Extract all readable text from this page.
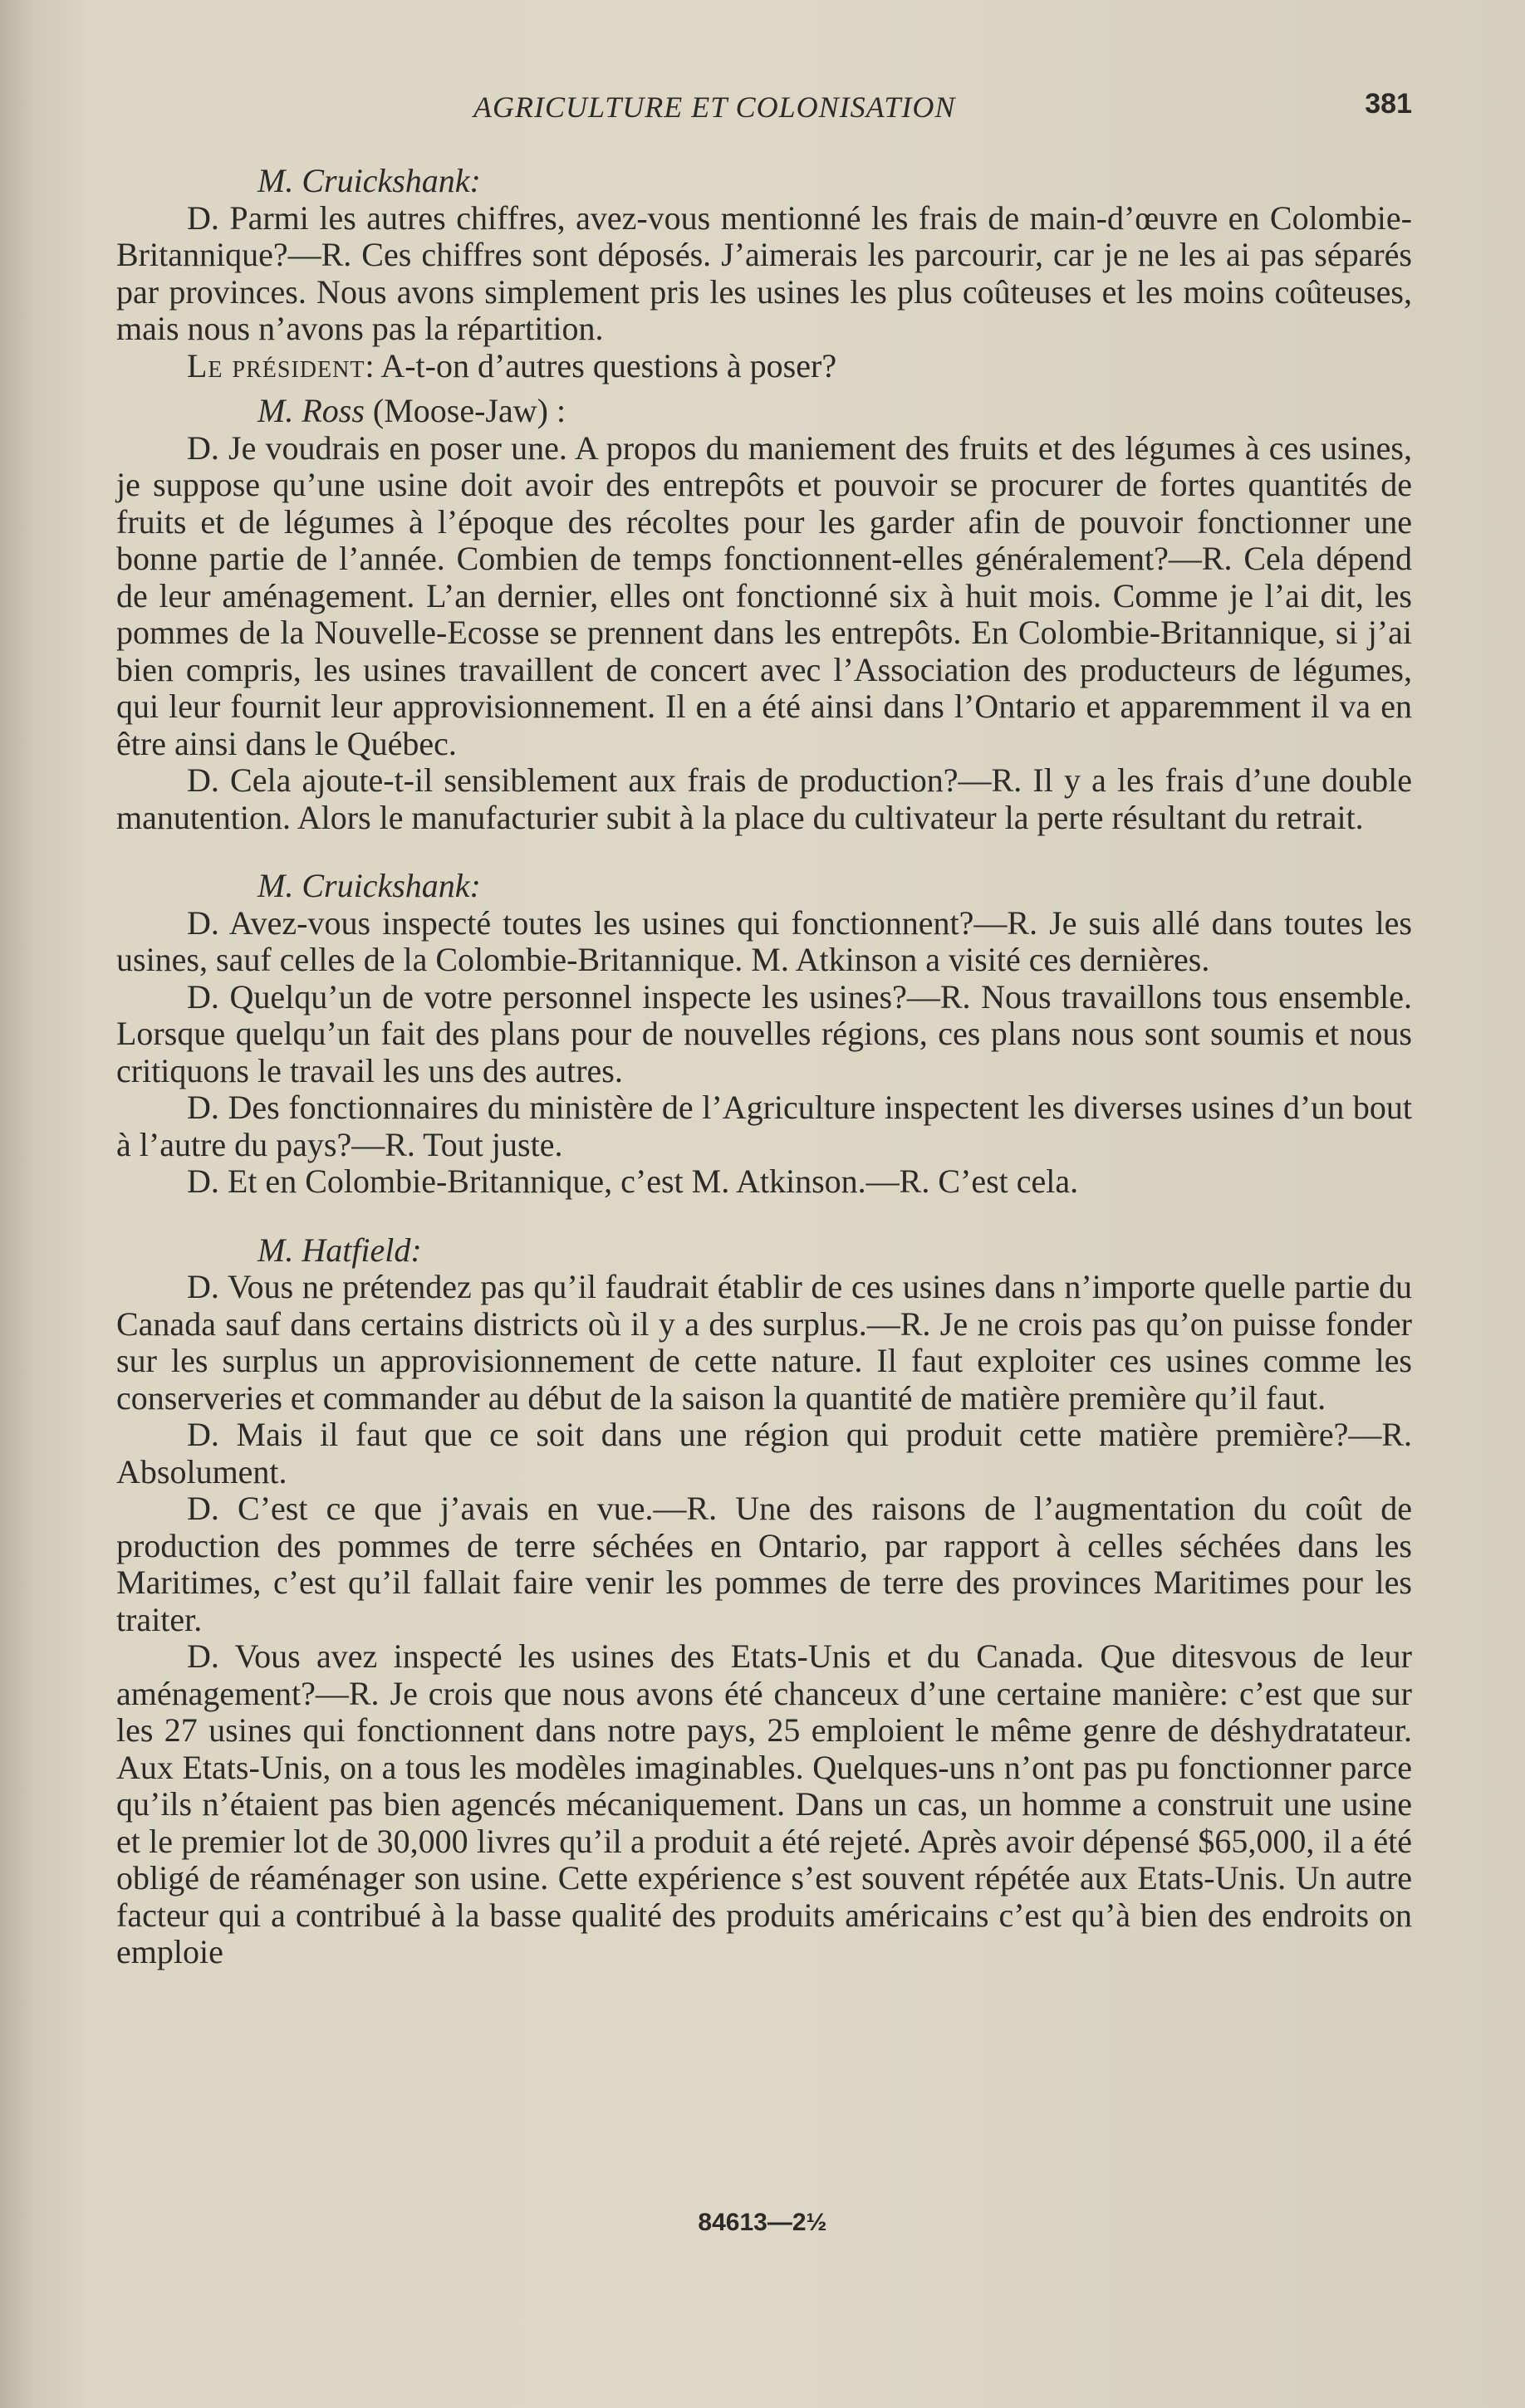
AGRICULTURE ET COLONISATION	381
M. Cruickshank:

D. Parmi les autres chiffres, avez-vous mentionné les frais de main-d’œuvre en Colombie-Britannique?—R. Ces chiffres sont déposés. J’aimerais les parcourir, car je ne les ai pas séparés par provinces. Nous avons simplement pris les usines les plus coûteuses et les moins coûteuses, mais nous n’avons pas la répartition.

Le président: A-t-on d’autres questions à poser?

M. Ross (Moose-Jaw) :

D. Je voudrais en poser une. A propos du maniement des fruits et des légumes à ces usines, je suppose qu’une usine doit avoir des entrepôts et pouvoir se procurer de fortes quantités de fruits et de légumes à l’époque des récoltes pour les garder afin de pouvoir fonctionner une bonne partie de l’année. Combien de temps fonctionnent-elles généralement?—R. Cela dépend de leur aménagement. L’an dernier, elles ont fonctionné six à huit mois. Comme je l’ai dit, les pommes de la Nouvelle-Ecosse se prennent dans les entrepôts. En Colombie-Britannique, si j’ai bien compris, les usines travaillent de concert avec l’Association des producteurs de légumes, qui leur fournit leur approvisionnement. Il en a été ainsi dans l’Ontario et apparemment il va en être ainsi dans le Québec.

D. Cela ajoute-t-il sensiblement aux frais de production?—R. Il y a les frais d’une double manutention. Alors le manufacturier subit à la place du cultivateur la perte résultant du retrait.

M. Cruickshank:

D. Avez-vous inspecté toutes les usines qui fonctionnent?—R. Je suis allé dans toutes les usines, sauf celles de la Colombie-Britannique. M. Atkinson a visité ces dernières.

D. Quelqu’un de votre personnel inspecte les usines?—R. Nous travaillons tous ensemble. Lorsque quelqu’un fait des plans pour de nouvelles régions, ces plans nous sont soumis et nous critiquons le travail les uns des autres.

D. Des fonctionnaires du ministère de l’Agriculture inspectent les diverses usines d’un bout à l’autre du pays?—R. Tout juste.

D. Et en Colombie-Britannique, c’est M. Atkinson.—R. C’est cela.

M. Hatfield:

D. Vous ne prétendez pas qu’il faudrait établir de ces usines dans n’importe quelle partie du Canada sauf dans certains districts où il y a des surplus.—R. Je ne crois pas qu’on puisse fonder sur les surplus un approvisionnement de cette nature. Il faut exploiter ces usines comme les conserveries et commander au début de la saison la quantité de matière première qu’il faut.

D. Mais il faut que ce soit dans une région qui produit cette matière première?—R. Absolument.

D. C’est ce que j’avais en vue.—R. Une des raisons de l’augmentation du coût de production des pommes de terre séchées en Ontario, par rapport à celles séchées dans les Maritimes, c’est qu’il fallait faire venir les pommes de terre des provinces Maritimes pour les traiter.

D. Vous avez inspecté les usines des Etats-Unis et du Canada. Que ditesvous de leur aménagement?—R. Je crois que nous avons été chanceux d’une certaine manière: c’est que sur les 27 usines qui fonctionnent dans notre pays, 25 emploient le même genre de déshydratateur. Aux Etats-Unis, on a tous les modèles imaginables. Quelques-uns n’ont pas pu fonctionner parce qu’ils n’étaient pas bien agencés mécaniquement. Dans un cas, un homme a construit une usine et le premier lot de 30,000 livres qu’il a produit a été rejeté. Après avoir dépensé $65,000, il a été obligé de réaménager son usine. Cette expérience s’est souvent répétée aux Etats-Unis. Un autre facteur qui a contribué à la basse qualité des produits américains c’est qu’à bien des endroits on emploie

84613—2½
